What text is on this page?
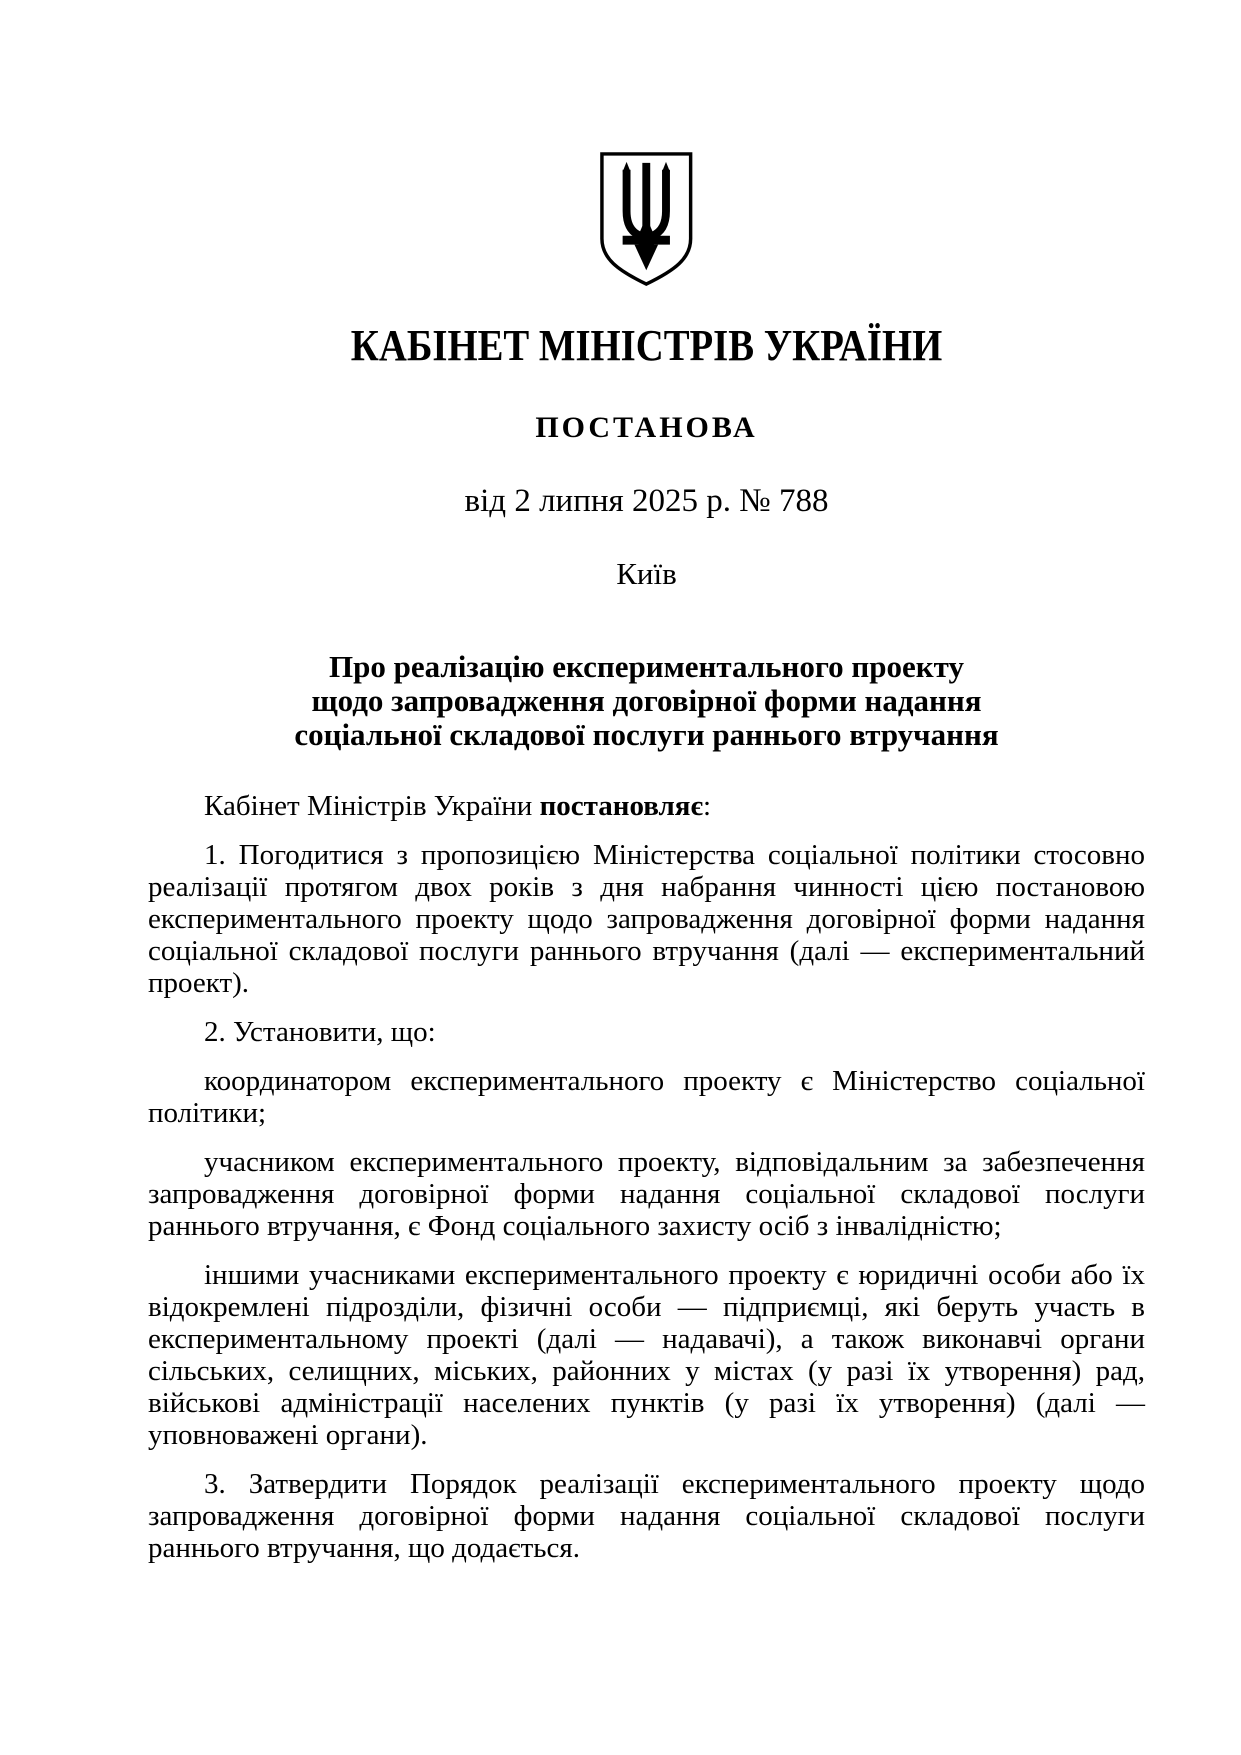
КАБІНЕТ МІНІСТРІВ УКРАЇНИ
ПОСТАНОВА
від 2 липня 2025 р. № 788
Київ
Про реалізацію експериментального проекту
щодо запровадження договірної форми надання
соціальної складової послуги раннього втручання

Кабінет Міністрів України постановляє:

1. Погодитися з пропозицією Міністерства соціальної політики стосовно реалізації протягом двох років з дня набрання чинності цією постановою експериментального проекту щодо запровадження договірної форми надання соціальної складової послуги раннього втручання (далі — експериментальний проект).

2. Установити, що:

координатором експериментального проекту є Міністерство соціальної політики;

учасником експериментального проекту, відповідальним за забезпечення запровадження договірної форми надання соціальної складової послуги раннього втручання, є Фонд соціального захисту осіб з інвалідністю;

іншими учасниками експериментального проекту є юридичні особи або їх відокремлені підрозділи, фізичні особи — підприємці, які беруть участь в експериментальному проекті (далі — надавачі), а також виконавчі органи сільських, селищних, міських, районних у містах (у разі їх утворення) рад, військові адміністрації населених пунктів (у разі їх утворення) (далі — уповноважені органи).

3. Затвердити Порядок реалізації експериментального проекту щодо запровадження договірної форми надання соціальної складової послуги раннього втручання, що додається.
